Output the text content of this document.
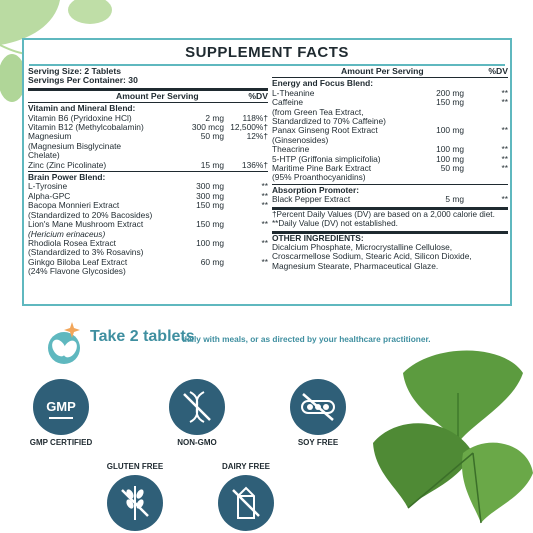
SUPPLEMENT FACTS
Serving Size: 2 Tablets
Servings Per Container: 30
Amount Per Serving	%DV
Vitamin and Mineral Blend:
Vitamin B6 (Pyridoxine HCl)	2 mg	118%†
Vitamin B12 (Methylcobalamin)	300 mcg 12,500%†
Magnesium	50 mg	12%†
(Magnesium Bisglycinate Chelate)
Zinc (Zinc Picolinate)	15 mg	136%†
Brain Power Blend:
L-Tyrosine	300 mg	**
Alpha-GPC	300 mg	**
Bacopa Monnieri Extract	150 mg	**
(Standardized to 20% Bacosides)
Lion's Mane Mushroom Extract	150 mg	**
(Hericium erinaceus)
Rhodiola Rosea Extract	100 mg	**
(Standardized to 3% Rosavins)
Ginkgo Biloba Leaf Extract	60 mg	**
(24% Flavone Glycosides)
Amount Per Serving	%DV
Energy and Focus Blend:
L-Theanine	200 mg	**
Caffeine	150 mg	**
(from Green Tea Extract, Standardized to 70% Caffeine)
Panax Ginseng Root Extract	100 mg	**
(Ginsenosides)
Theacrine	100 mg	**
5-HTP (Griffonia simplicifolia)	100 mg	**
Maritime Pine Bark Extract	50 mg	**
(95% Proanthocyanidins)
Absorption Promoter:
Black Pepper Extract	5 mg	**
†Percent Daily Values (DV) are based on a 2,000 calorie diet.
**Daily Value (DV) not established.
OTHER INGREDIENTS:
Dicalcium Phosphate, Microcrystalline Cellulose, Croscarmellose Sodium, Stearic Acid, Silicon Dioxide, Magnesium Stearate, Pharmaceutical Glaze.
Take 2 tablets
daily with meals, or as directed by your healthcare practitioner.
GMP
GMP CERTIFIED	NON-GMO	SOY FREE
GLUTEN FREE	DAIRY FREE
